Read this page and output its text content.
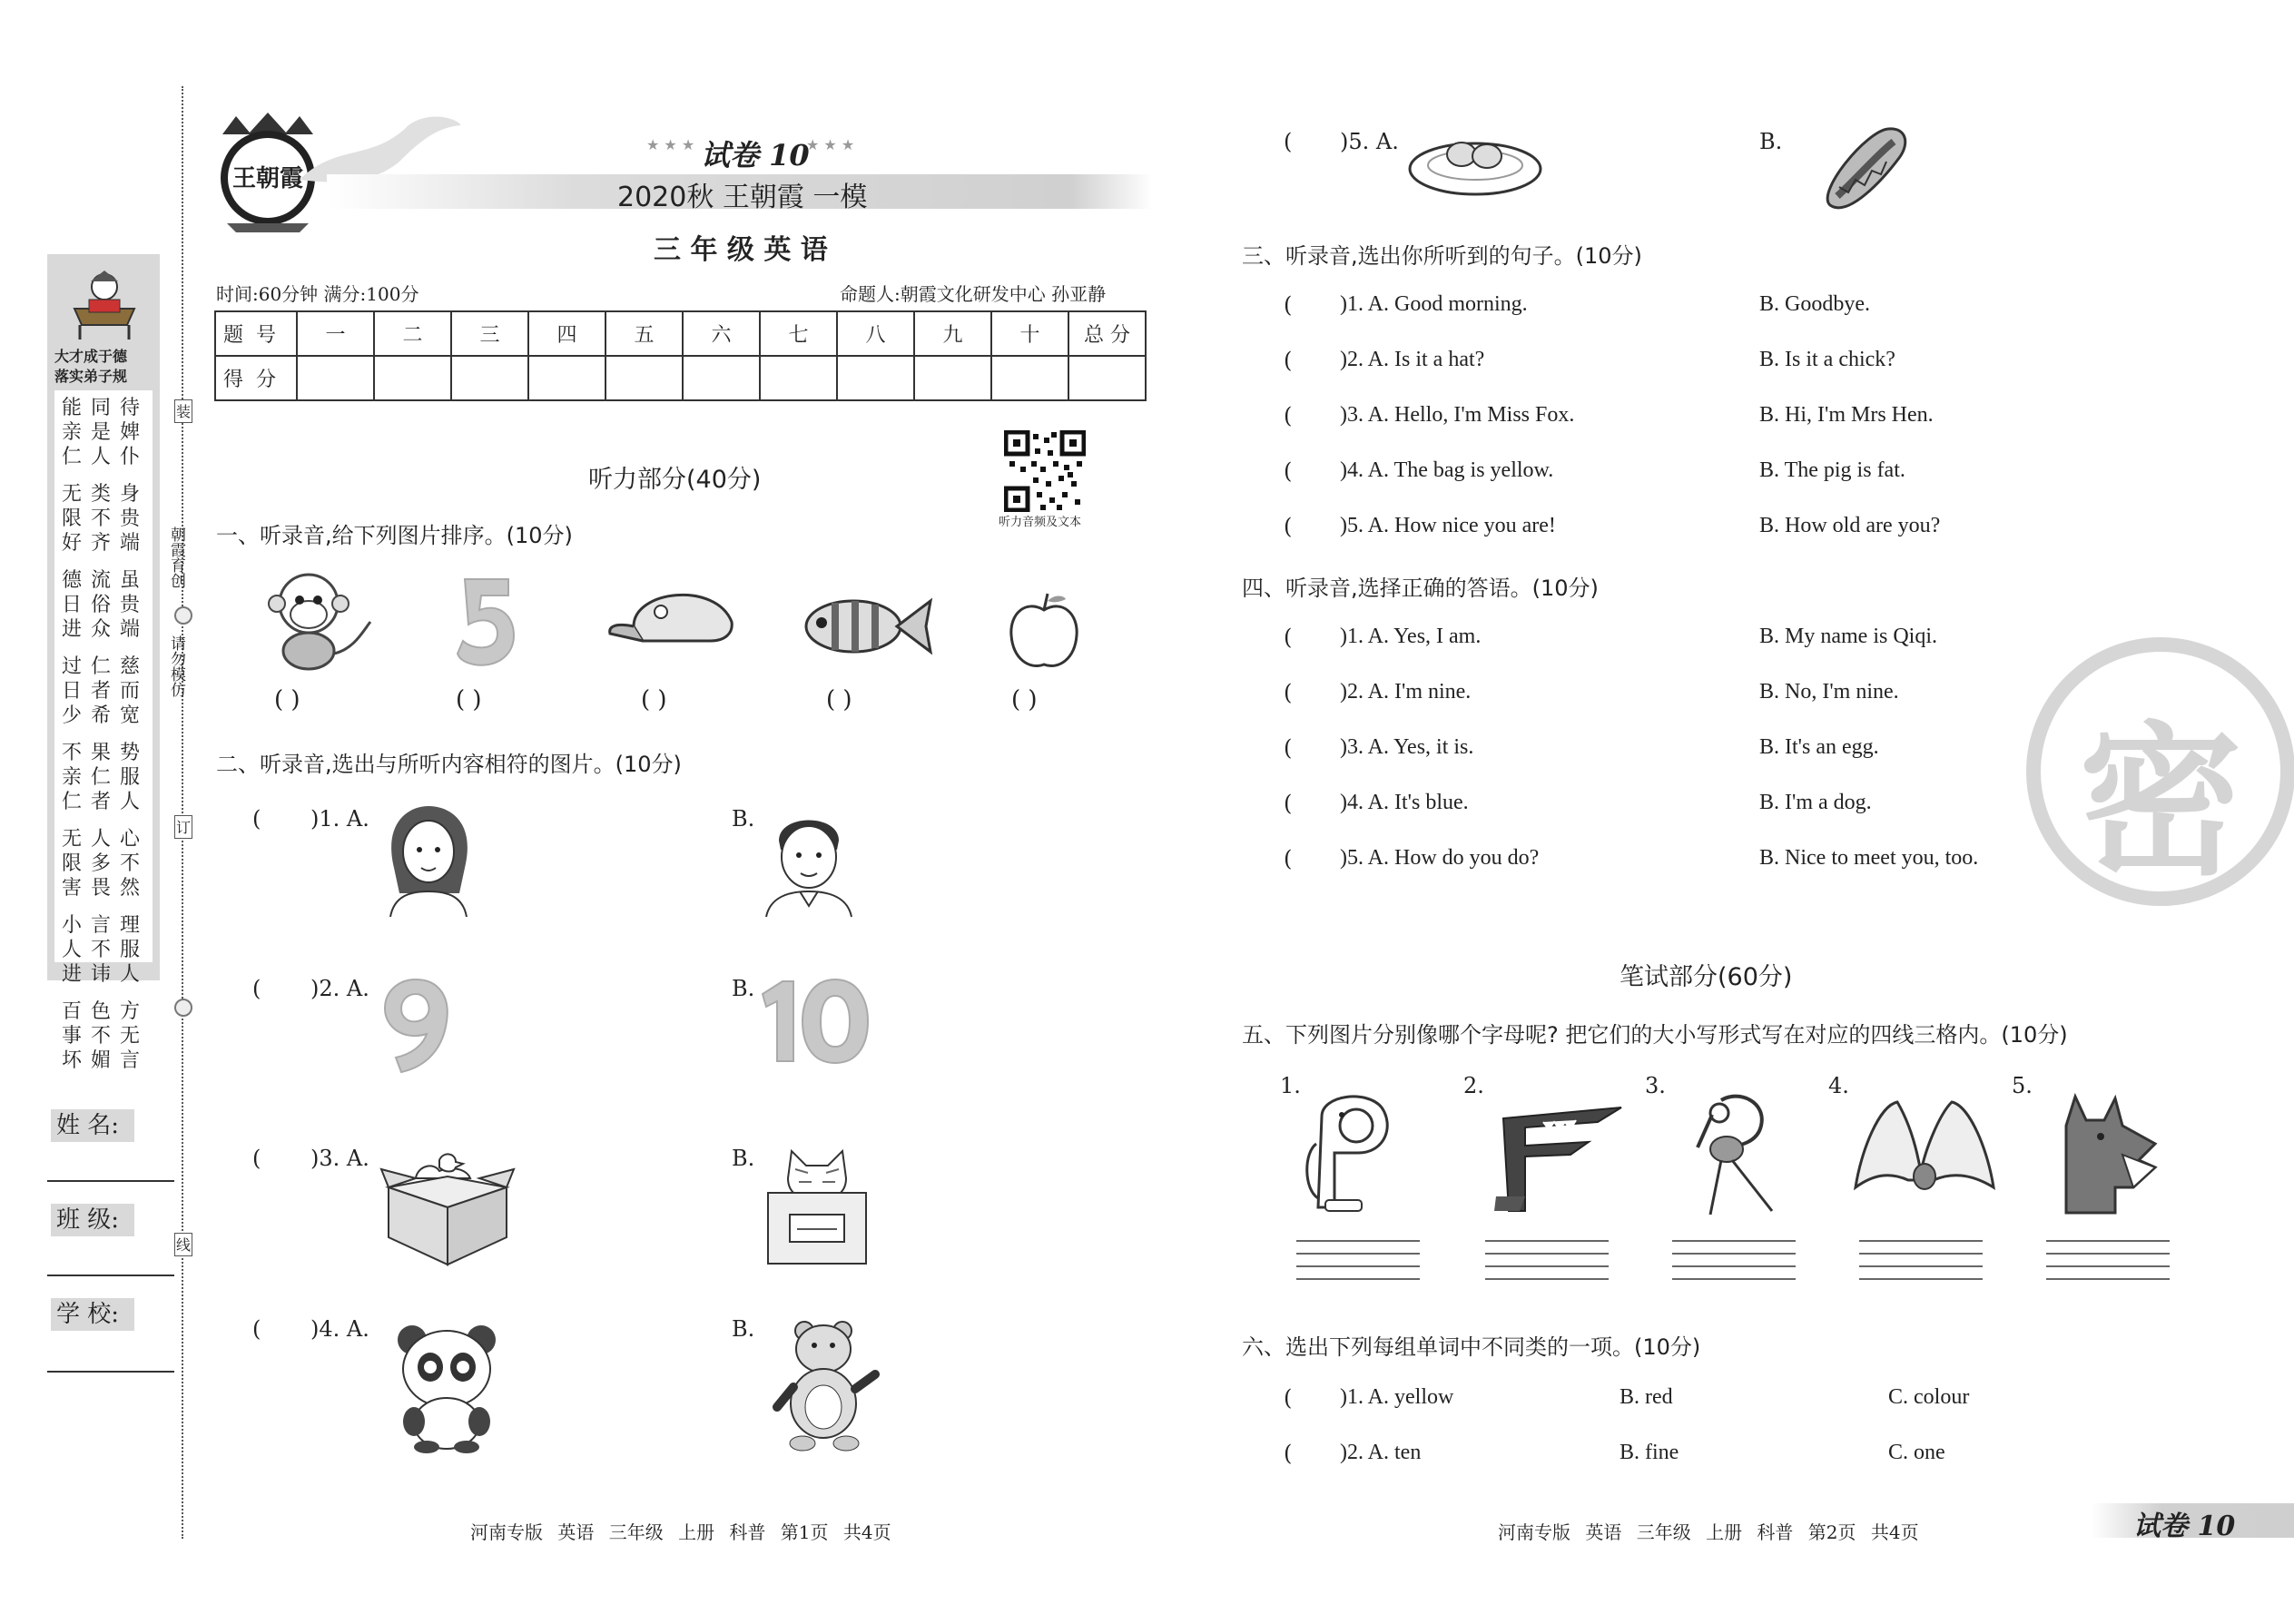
大才成于德
落实弟子规
能亲仁
同是人
待婢仆
无限好
类不齐
身贵端
德日进
流俗众
虽贵端
过日少
仁者希
慈而宽
不亲仁
果仁者
势服人
无限害
人多畏
心不然
小人进
言不讳
理服人
百事坏
色不媚
方无言
装
订
线
朝霞育创
请勿模仿
姓 名:
班 级:
学 校:
王朝霞
★ ★ ★ 试卷 10
★ ★ ★
2020秋 王朝霞 一模
三 年 级 英 语
时间:60分钟 满分:100分	命题人:朝霞文化研发中心 孙亚静
题号	一	二	三	四	五	六	七	八	九	十	总 分
得分											
听力音频及文本
听力部分(40分)
一、听录音,给下列图片排序。(10分)
( )	( )	( )	( )	( )
二、听录音,选出与所听内容相符的图片。(10分)
( )1. A.	B.
( )2. A.	B.
( )3. A.	B.
( )4. A.	B.
( )5. A.	B.
三、听录音,选出你所听到的句子。(10分)
( )1. A. Good morning.	B. Goodbye.
( )2. A. Is it a hat?	B. Is it a chick?
( )3. A. Hello, I'm Miss Fox.	B. Hi, I'm Mrs Hen.
( )4. A. The bag is yellow.	B. The pig is fat.
( )5. A. How nice you are!	B. How old are you?
四、听录音,选择正确的答语。(10分)
( )1. A. Yes, I am.	B. My name is Qiqi.
( )2. A. I'm nine.	B. No, I'm nine.
( )3. A. Yes, it is.	B. It's an egg.
( )4. A. It's blue.	B. I'm a dog.
( )5. A. How do you do?	B. Nice to meet you, too.
笔试部分(60分)
五、下列图片分别像哪个字母呢? 把它们的大小写形式写在对应的四线三格内。(10分)
1.	2.	3.	4.	5.
六、选出下列每组单词中不同类的一项。(10分)
( )1. A. yellow	B. red	C. colour
( )2. A. ten	B. fine	C. one
密
河南专版 英语 三年级 上册 科普 第1页 共4页	河南专版 英语 三年级 上册 科普 第2页 共4页	试卷 10
